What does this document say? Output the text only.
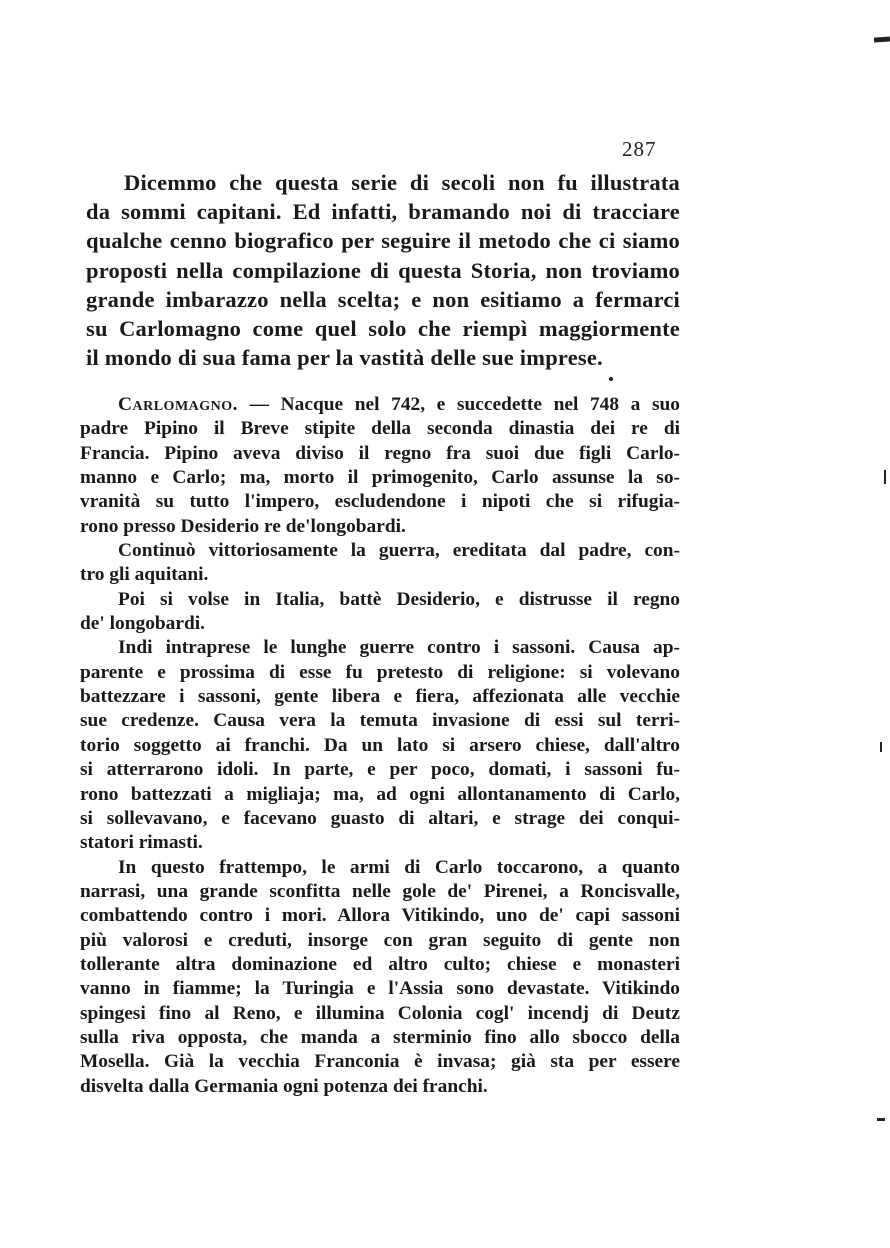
287
Dicemmo che questa serie di secoli non fu illustrata
da sommi capitani. Ed infatti, bramando noi di tracciare
qualche cenno biografico per seguire il metodo che ci siamo
proposti nella compilazione di questa Storia, non troviamo
grande imbarazzo nella scelta; e non esitiamo a fermarci
su Carlomagno come quel solo che riempì maggiormente
il mondo di sua fama per la vastità delle sue imprese.
Carlomagno. — Nacque nel 742, e succedette nel 748 a suo
padre Pipino il Breve stipite della seconda dinastia dei re di
Francia. Pipino aveva diviso il regno fra suoi due figli Carlo-
manno e Carlo; ma, morto il primogenito, Carlo assunse la so-
vranità su tutto l'impero, escludendone i nipoti che si rifugia-
rono presso Desiderio re de'longobardi.
Continuò vittoriosamente la guerra, ereditata dal padre, con-
tro gli aquitani.
Poi si volse in Italia, battè Desiderio, e distrusse il regno
de' longobardi.
Indi intraprese le lunghe guerre contro i sassoni. Causa ap-
parente e prossima di esse fu pretesto di religione: si volevano
battezzare i sassoni, gente libera e fiera, affezionata alle vecchie
sue credenze. Causa vera la temuta invasione di essi sul terri-
torio soggetto ai franchi. Da un lato si arsero chiese, dall'altro
si atterrarono idoli. In parte, e per poco, domati, i sassoni fu-
rono battezzati a migliaja; ma, ad ogni allontanamento di Carlo,
si sollevavano, e facevano guasto di altari, e strage dei conqui-
statori rimasti.
In questo frattempo, le armi di Carlo toccarono, a quanto
narrasi, una grande sconfitta nelle gole de' Pirenei, a Roncisvalle,
combattendo contro i mori. Allora Vitikindo, uno de' capi sassoni
più valorosi e creduti, insorge con gran seguito di gente non
tollerante altra dominazione ed altro culto; chiese e monasteri
vanno in fiamme; la Turingia e l'Assia sono devastate. Vitikindo
spingesi fino al Reno, e illumina Colonia cogl' incendj di Deutz
sulla riva opposta, che manda a sterminio fino allo sbocco della
Mosella. Già la vecchia Franconia è invasa; già sta per essere
disvelta dalla Germania ogni potenza dei franchi.
